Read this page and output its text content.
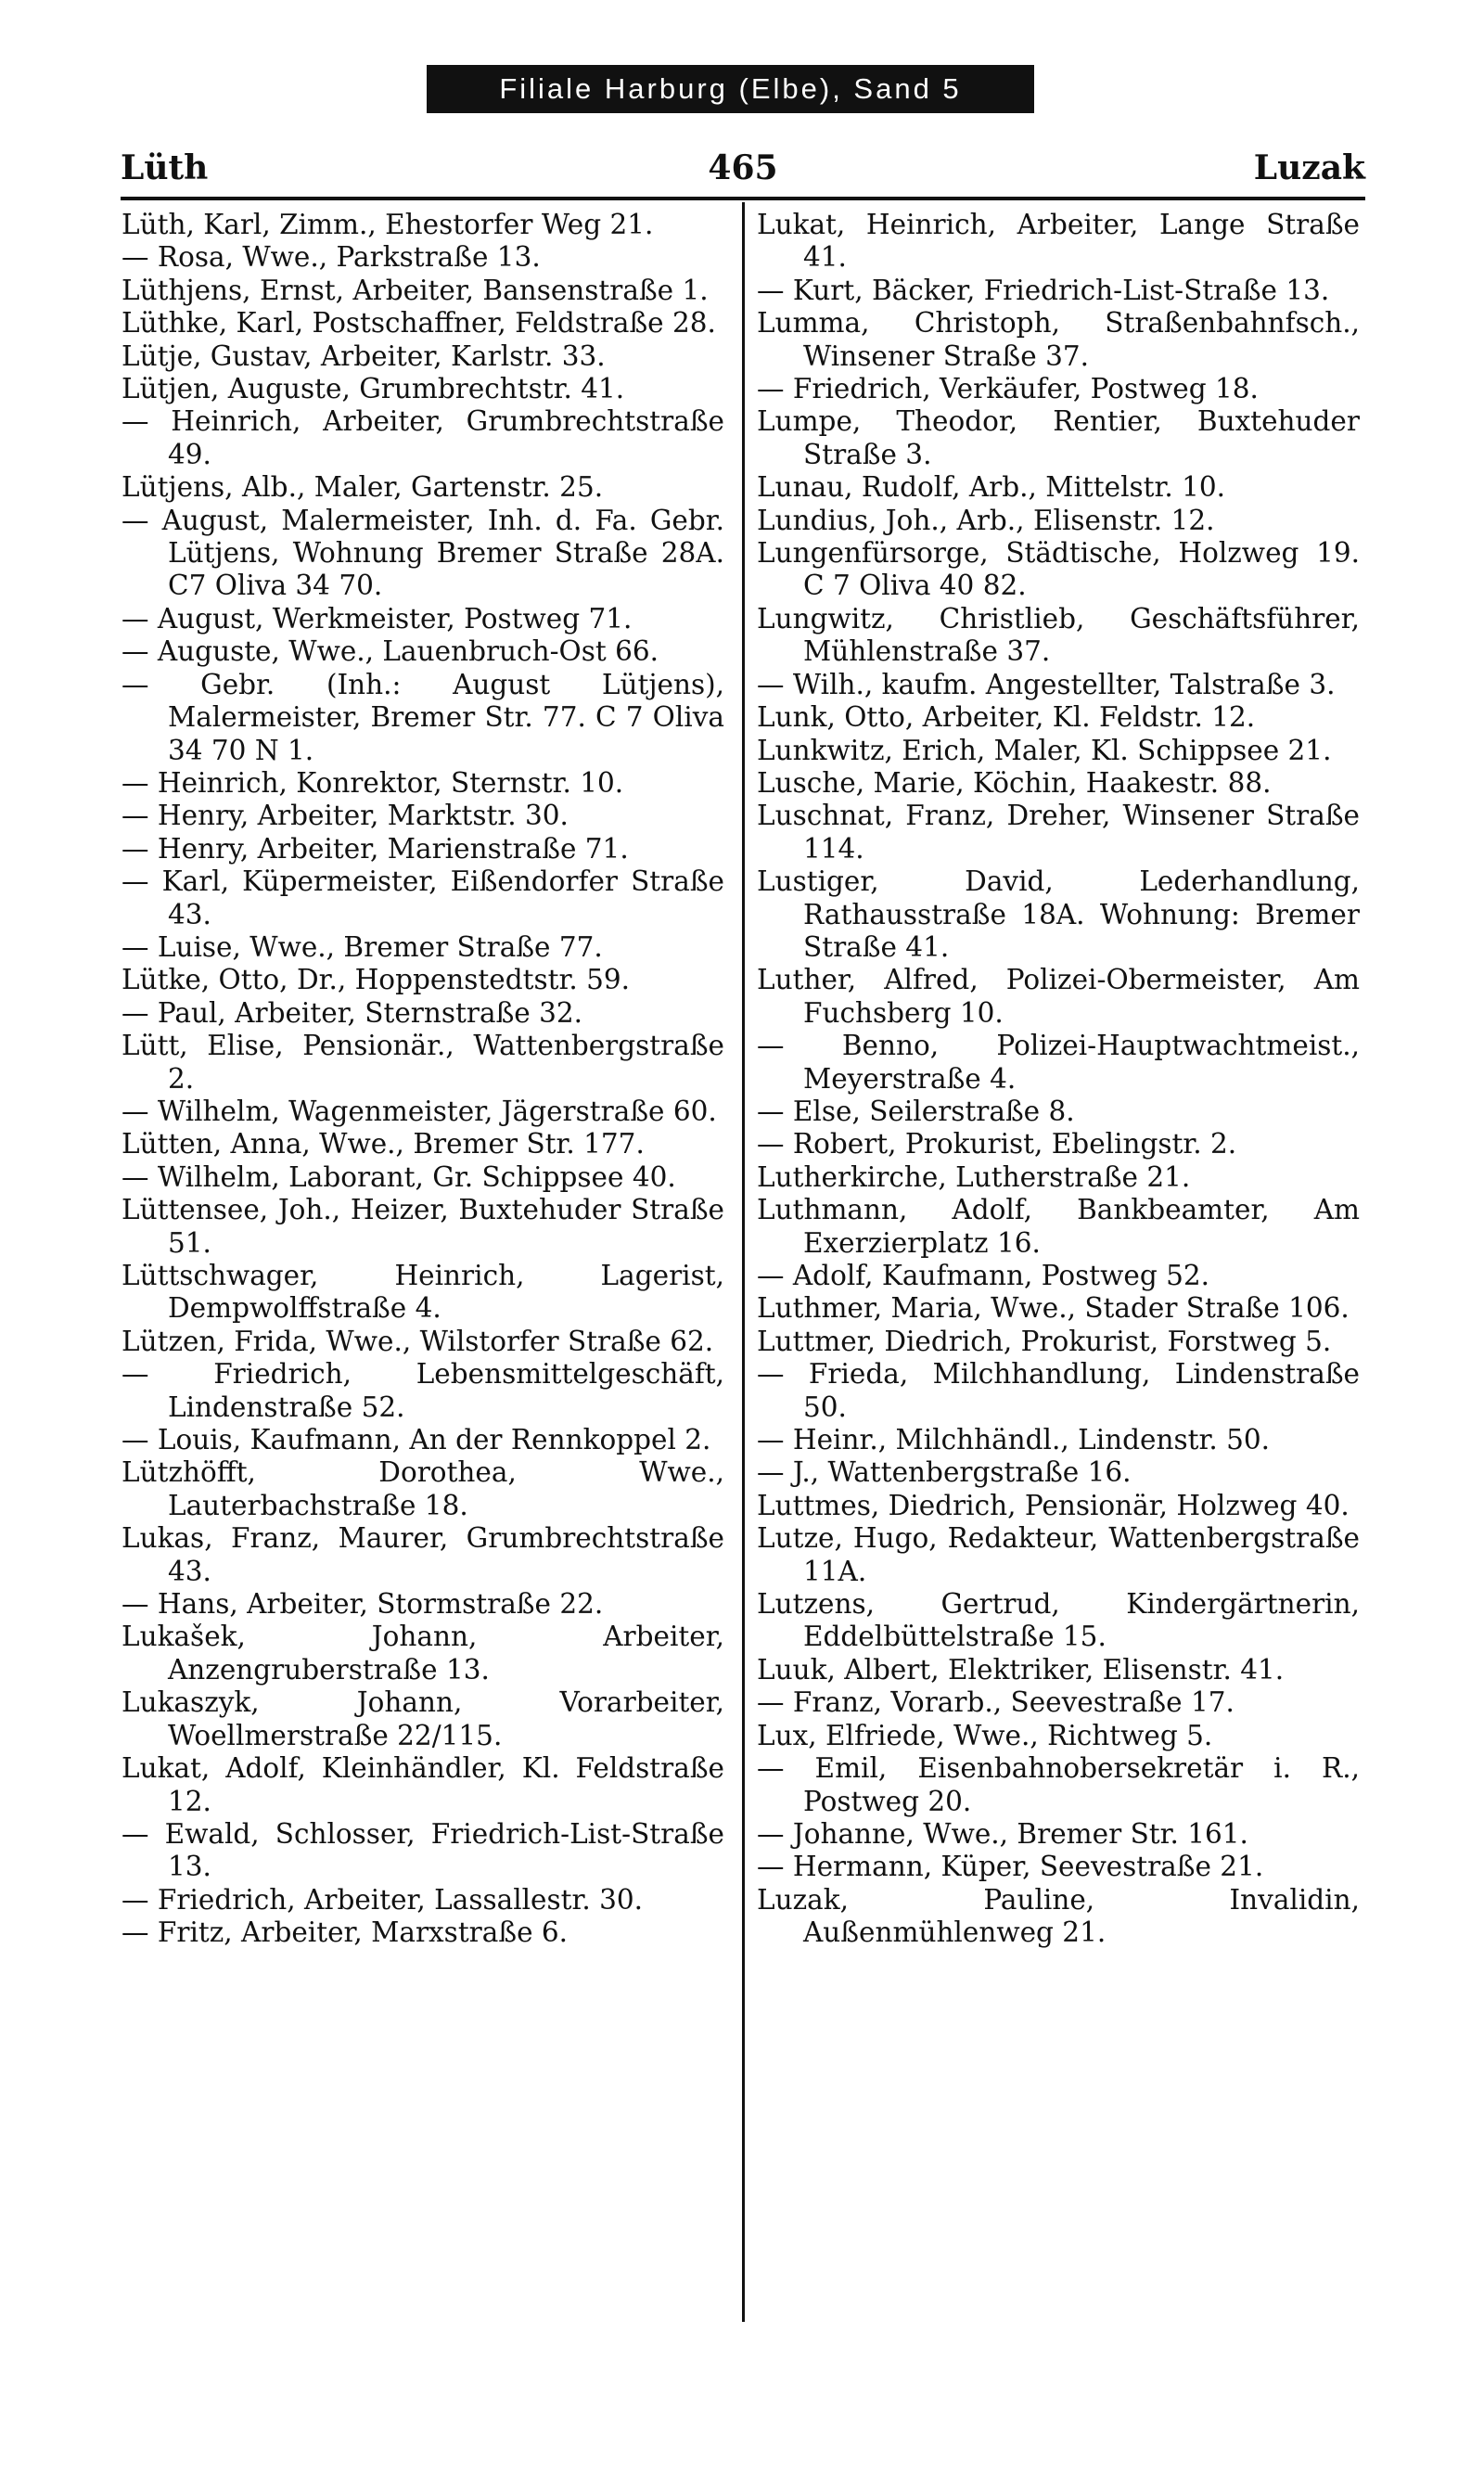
Filiale Harburg (Elbe), Sand 5
Lüth	465	Luzak

Lüth, Karl, Zimm., Ehestorfer Weg 21.

— Rosa, Wwe., Parkstraße 13.

Lüthjens, Ernst, Arbeiter, Bansenstraße 1.

Lüthke, Karl, Postschaffner, Feldstraße 28.

Lütje, Gustav, Arbeiter, Karlstr. 33.

Lütjen, Auguste, Grumbrechtstr. 41.

— Heinrich, Arbeiter, Grumbrechtstraße 49.

Lütjens, Alb., Maler, Gartenstr. 25.

— August, Malermeister, Inh. d. Fa. Gebr. Lütjens, Wohnung Bremer Straße 28A. C7 Oliva 34 70.

— August, Werkmeister, Postweg 71.

— Auguste, Wwe., Lauenbruch-Ost 66.

— Gebr. (Inh.: August Lütjens), Malermeister, Bremer Str. 77. C 7 Oliva 34 70 N 1.

— Heinrich, Konrektor, Sternstr. 10.

— Henry, Arbeiter, Marktstr. 30.

— Henry, Arbeiter, Marienstraße 71.

— Karl, Küpermeister, Eißendorfer Straße 43.

— Luise, Wwe., Bremer Straße 77.

Lütke, Otto, Dr., Hoppenstedtstr. 59.

— Paul, Arbeiter, Sternstraße 32.

Lütt, Elise, Pensionär., Wattenbergstraße 2.

— Wilhelm, Wagenmeister, Jägerstraße 60.

Lütten, Anna, Wwe., Bremer Str. 177.

— Wilhelm, Laborant, Gr. Schippsee 40.

Lüttensee, Joh., Heizer, Buxtehuder Straße 51.

Lüttschwager, Heinrich, Lagerist, Dempwolffstraße 4.

Lützen, Frida, Wwe., Wilstorfer Straße 62.

— Friedrich, Lebensmittelgeschäft, Lindenstraße 52.

— Louis, Kaufmann, An der Rennkoppel 2.

Lützhöfft, Dorothea, Wwe., Lauterbachstraße 18.

Lukas, Franz, Maurer, Grumbrechtstraße 43.

— Hans, Arbeiter, Stormstraße 22.

Lukašek, Johann, Arbeiter, Anzengruberstraße 13.

Lukaszyk, Johann, Vorarbeiter, Woellmerstraße 22/115.

Lukat, Adolf, Kleinhändler, Kl. Feldstraße 12.

— Ewald, Schlosser, Friedrich-List-Straße 13.

— Friedrich, Arbeiter, Lassallestr. 30.

— Fritz, Arbeiter, Marxstraße 6.

Lukat, Heinrich, Arbeiter, Lange Straße 41.

— Kurt, Bäcker, Friedrich-List-Straße 13.

Lumma, Christoph, Straßenbahnfsch., Winsener Straße 37.

— Friedrich, Verkäufer, Postweg 18.

Lumpe, Theodor, Rentier, Buxtehuder Straße 3.

Lunau, Rudolf, Arb., Mittelstr. 10.

Lundius, Joh., Arb., Elisenstr. 12.

Lungenfürsorge, Städtische, Holzweg 19. C 7 Oliva 40 82.

Lungwitz, Christlieb, Geschäftsführer, Mühlenstraße 37.

— Wilh., kaufm. Angestellter, Talstraße 3.

Lunk, Otto, Arbeiter, Kl. Feldstr. 12.

Lunkwitz, Erich, Maler, Kl. Schippsee 21.

Lusche, Marie, Köchin, Haakestr. 88.

Luschnat, Franz, Dreher, Winsener Straße 114.

Lustiger, David, Lederhandlung, Rathausstraße 18A. Wohnung: Bremer Straße 41.

Luther, Alfred, Polizei-Obermeister, Am Fuchsberg 10.

— Benno, Polizei-Hauptwachtmeist., Meyerstraße 4.

— Else, Seilerstraße 8.

— Robert, Prokurist, Ebelingstr. 2.

Lutherkirche, Lutherstraße 21.

Luthmann, Adolf, Bankbeamter, Am Exerzierplatz 16.

— Adolf, Kaufmann, Postweg 52.

Luthmer, Maria, Wwe., Stader Straße 106.

Luttmer, Diedrich, Prokurist, Forstweg 5.

— Frieda, Milchhandlung, Lindenstraße 50.

— Heinr., Milchhändl., Lindenstr. 50.

— J., Wattenbergstraße 16.

Luttmes, Diedrich, Pensionär, Holzweg 40.

Lutze, Hugo, Redakteur, Wattenbergstraße 11A.

Lutzens, Gertrud, Kindergärtnerin, Eddelbüttelstraße 15.

Luuk, Albert, Elektriker, Elisenstr. 41.

— Franz, Vorarb., Seevestraße 17.

Lux, Elfriede, Wwe., Richtweg 5.

— Emil, Eisenbahnobersekretär i. R., Postweg 20.

— Johanne, Wwe., Bremer Str. 161.

— Hermann, Küper, Seevestraße 21.

Luzak, Pauline, Invalidin, Außenmühlenweg 21.
